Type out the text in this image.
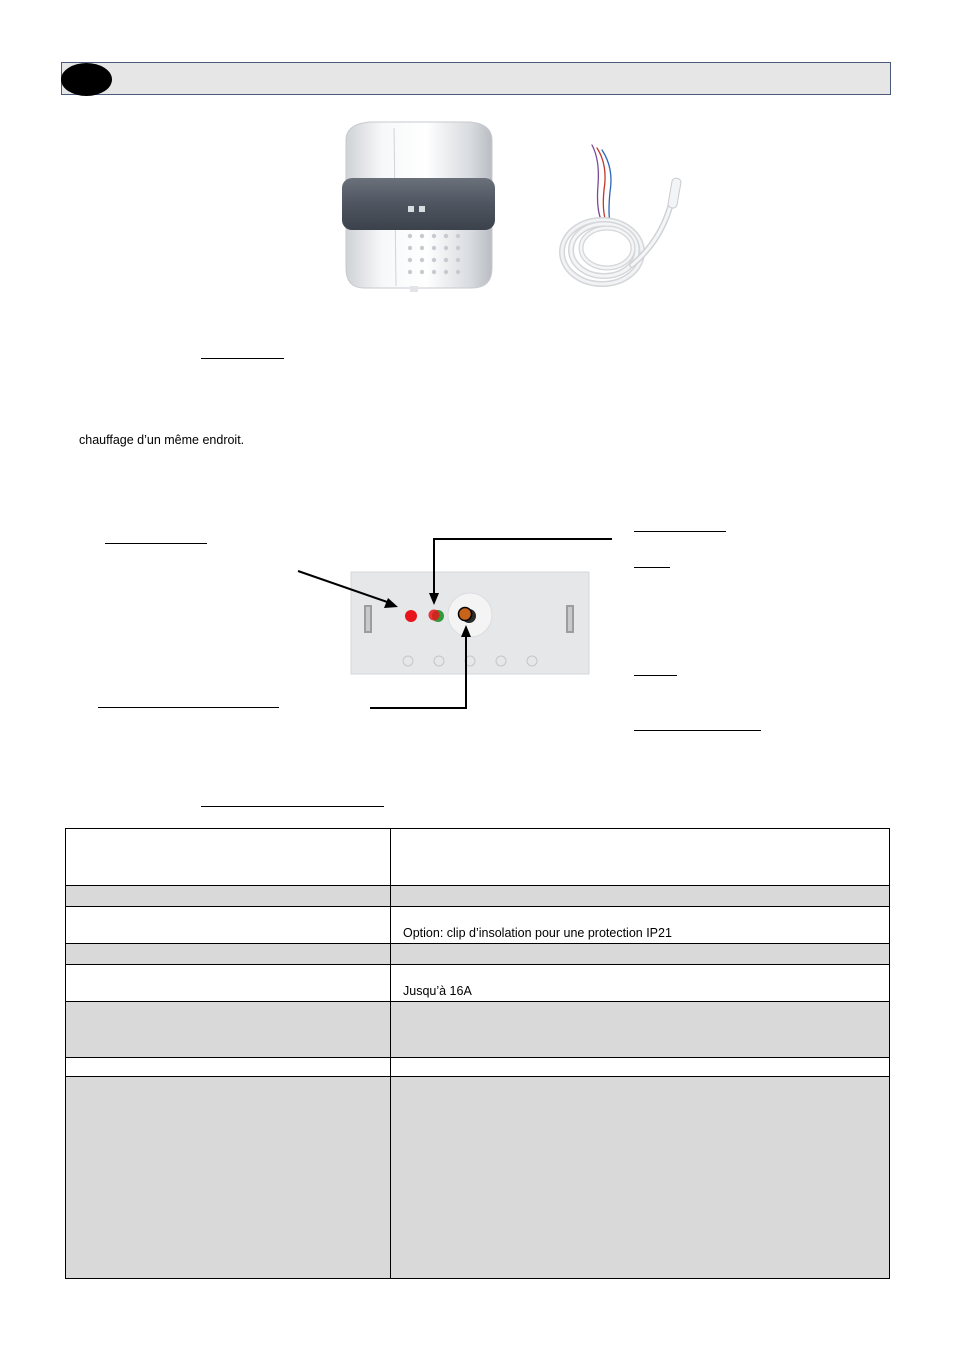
chauffage d’un même endroit.

	Option: clip d’insolation pour une protection IP21

	Jusqu’à 16A
